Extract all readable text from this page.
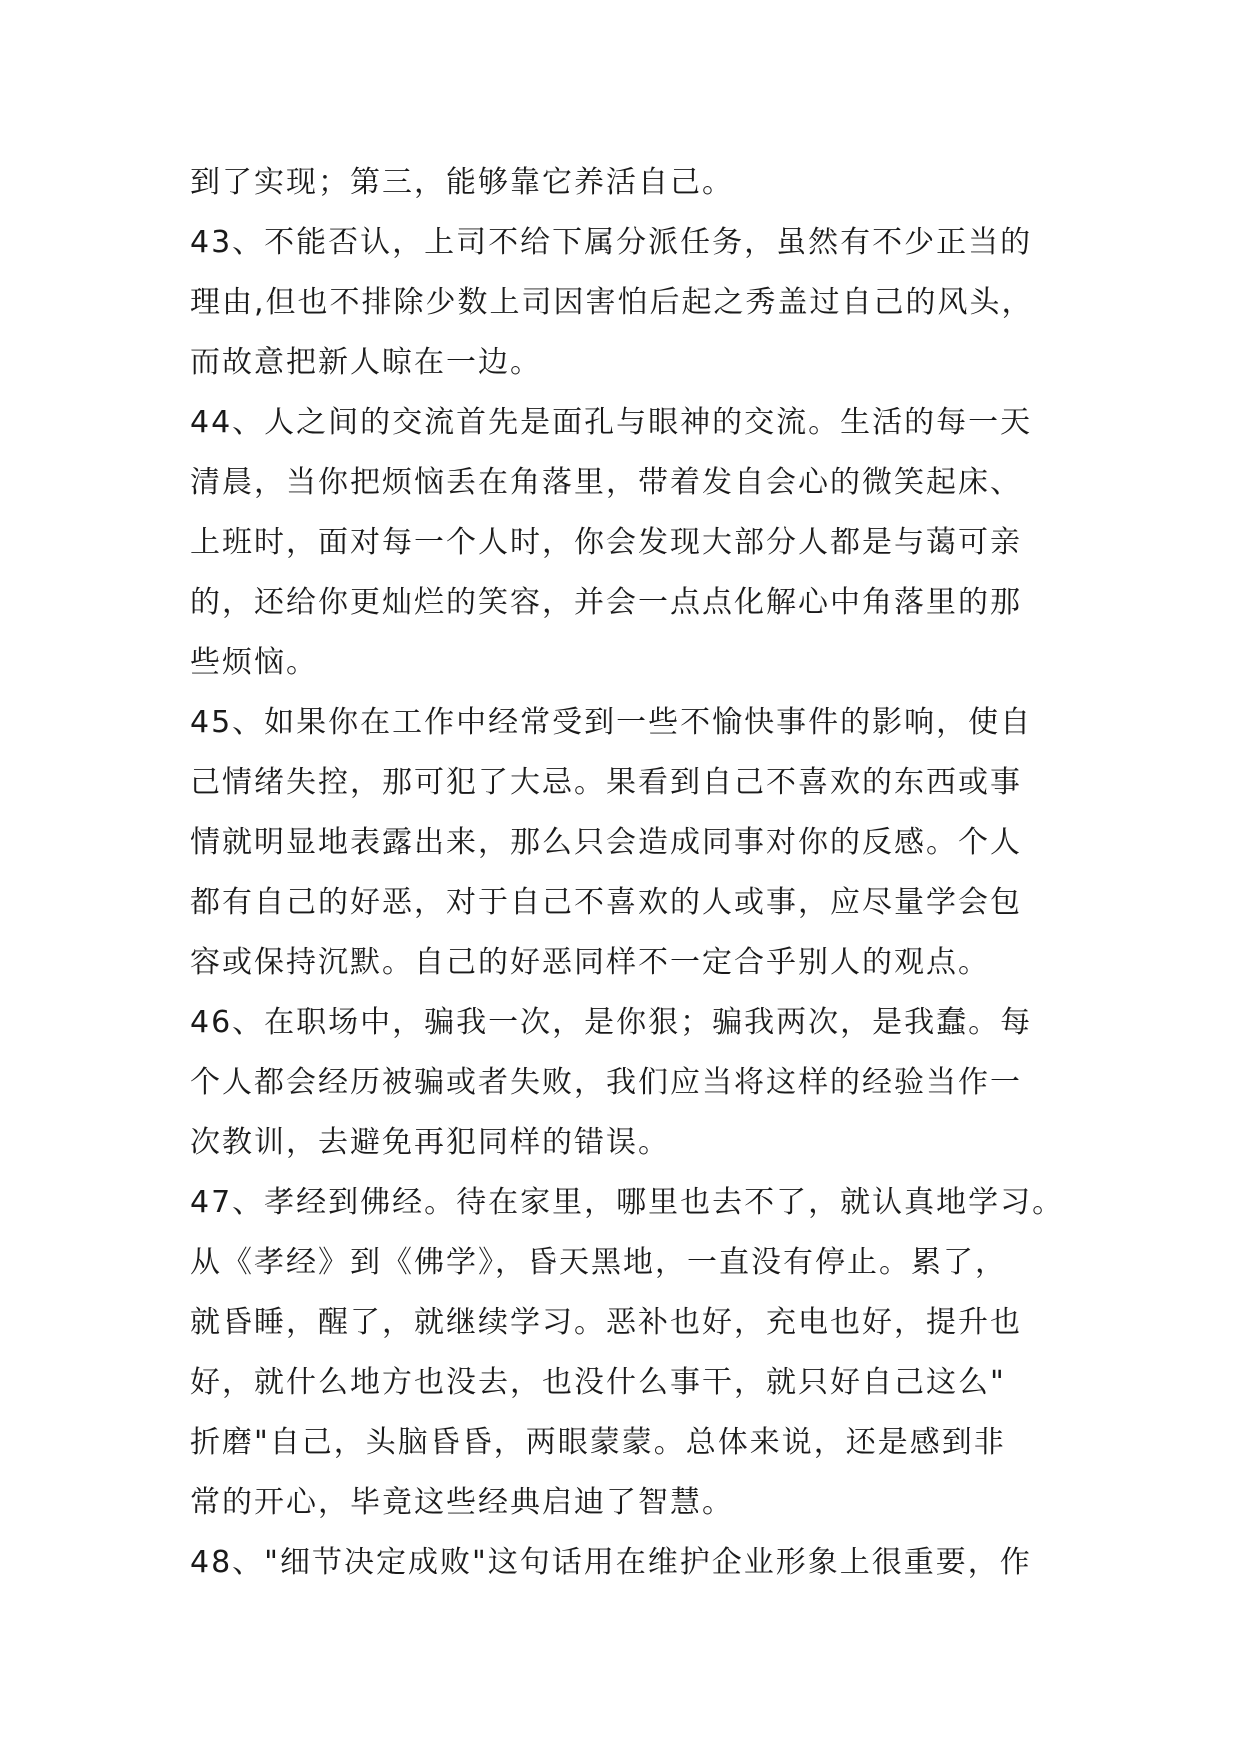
到了实现；第三，能够靠它养活自己。
43、不能否认，上司不给下属分派任务，虽然有不少正当的
理由,但也不排除少数上司因害怕后起之秀盖过自己的风头，
而故意把新人晾在一边。
44、人之间的交流首先是面孔与眼神的交流。生活的每一天
清晨，当你把烦恼丢在角落里，带着发自会心的微笑起床、
上班时，面对每一个人时，你会发现大部分人都是与蔼可亲
的，还给你更灿烂的笑容，并会一点点化解心中角落里的那
些烦恼。
45、如果你在工作中经常受到一些不愉快事件的影响，使自
己情绪失控，那可犯了大忌。果看到自己不喜欢的东西或事
情就明显地表露出来，那么只会造成同事对你的反感。个人
都有自己的好恶，对于自己不喜欢的人或事，应尽量学会包
容或保持沉默。自己的好恶同样不一定合乎别人的观点。
46、在职场中，骗我一次，是你狠；骗我两次，是我蠢。每
个人都会经历被骗或者失败，我们应当将这样的经验当作一
次教训，去避免再犯同样的错误。
47、孝经到佛经。待在家里，哪里也去不了，就认真地学习。
从《孝经》到《佛学》，昏天黑地，一直没有停止。累了，
就昏睡，醒了，就继续学习。恶补也好，充电也好，提升也
好，就什么地方也没去，也没什么事干，就只好自己这么"
折磨"自己，头脑昏昏，两眼蒙蒙。总体来说，还是感到非
常的开心，毕竟这些经典启迪了智慧。
48、"细节决定成败"这句话用在维护企业形象上很重要，作
